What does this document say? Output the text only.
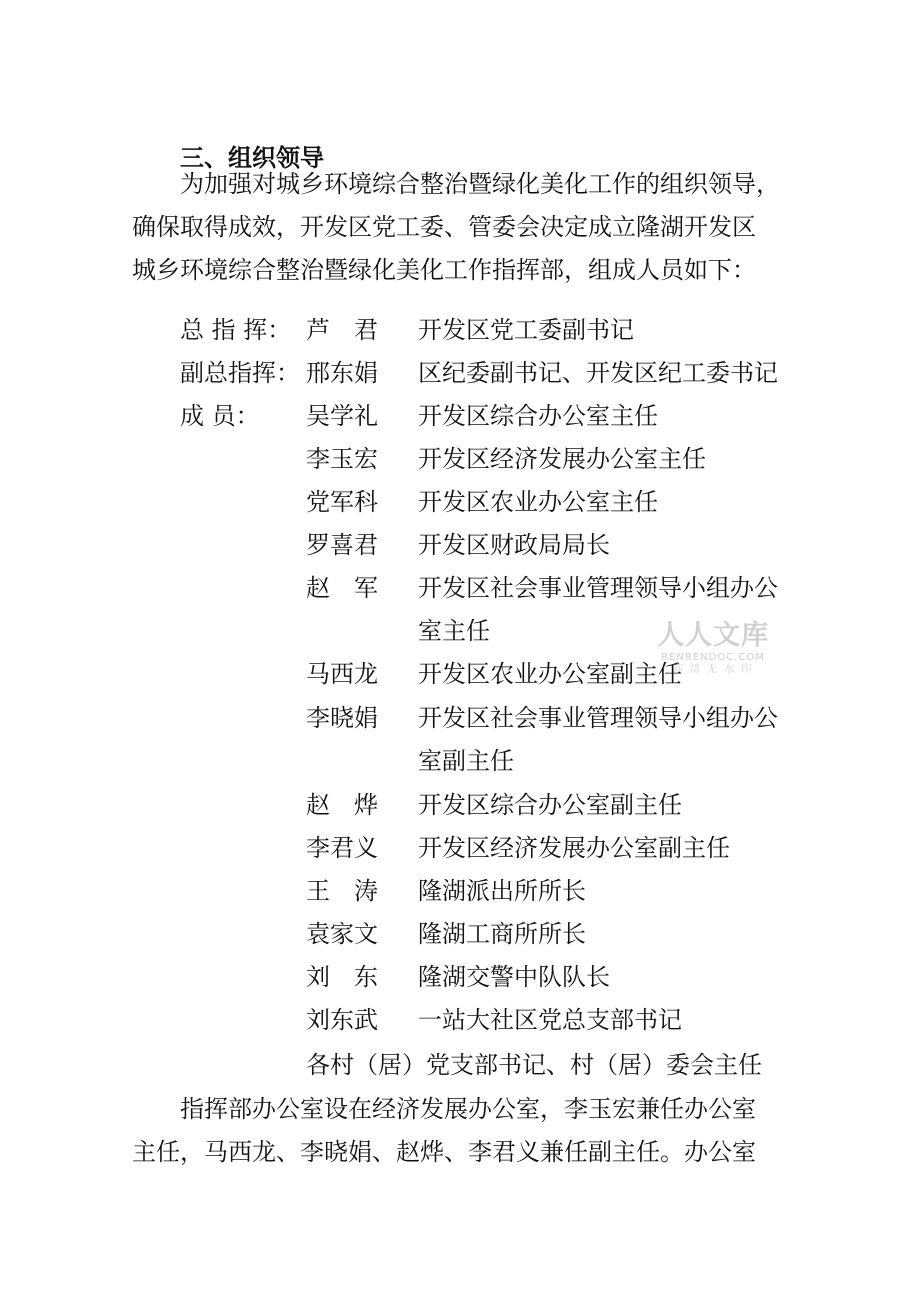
三、组织领导
为加强对城乡环境综合整治暨绿化美化工作的组织领导，
确保取得成效，开发区党工委、管委会决定成立隆湖开发区
城乡环境综合整治暨绿化美化工作指挥部，组成人员如下：
总 指 挥： 芦　君 开发区党工委副书记
副总指挥： 邢东娟 区纪委副书记、开发区纪工委书记
成 员： 吴学礼 开发区综合办公室主任
李玉宏 开发区经济发展办公室主任
党军科 开发区农业办公室主任
罗喜君 开发区财政局局长
赵　军 开发区社会事业管理领导小组办公室主任
马西龙 开发区农业办公室副主任
李晓娟 开发区社会事业管理领导小组办公室副主任
赵　烨 开发区综合办公室副主任
李君义 开发区经济发展办公室副主任
王　涛 隆湖派出所所长
袁家文 隆湖工商所所长
刘　东 隆湖交警中队队长
刘东武 一站大社区党总支部书记
各村（居）党支部书记、村（居）委会主任
指挥部办公室设在经济发展办公室，李玉宏兼任办公室
主任，马西龙、李晓娟、赵烨、李君义兼任副主任。办公室
人人文库
RENRENDOC.COM
高 清 无 水 印
